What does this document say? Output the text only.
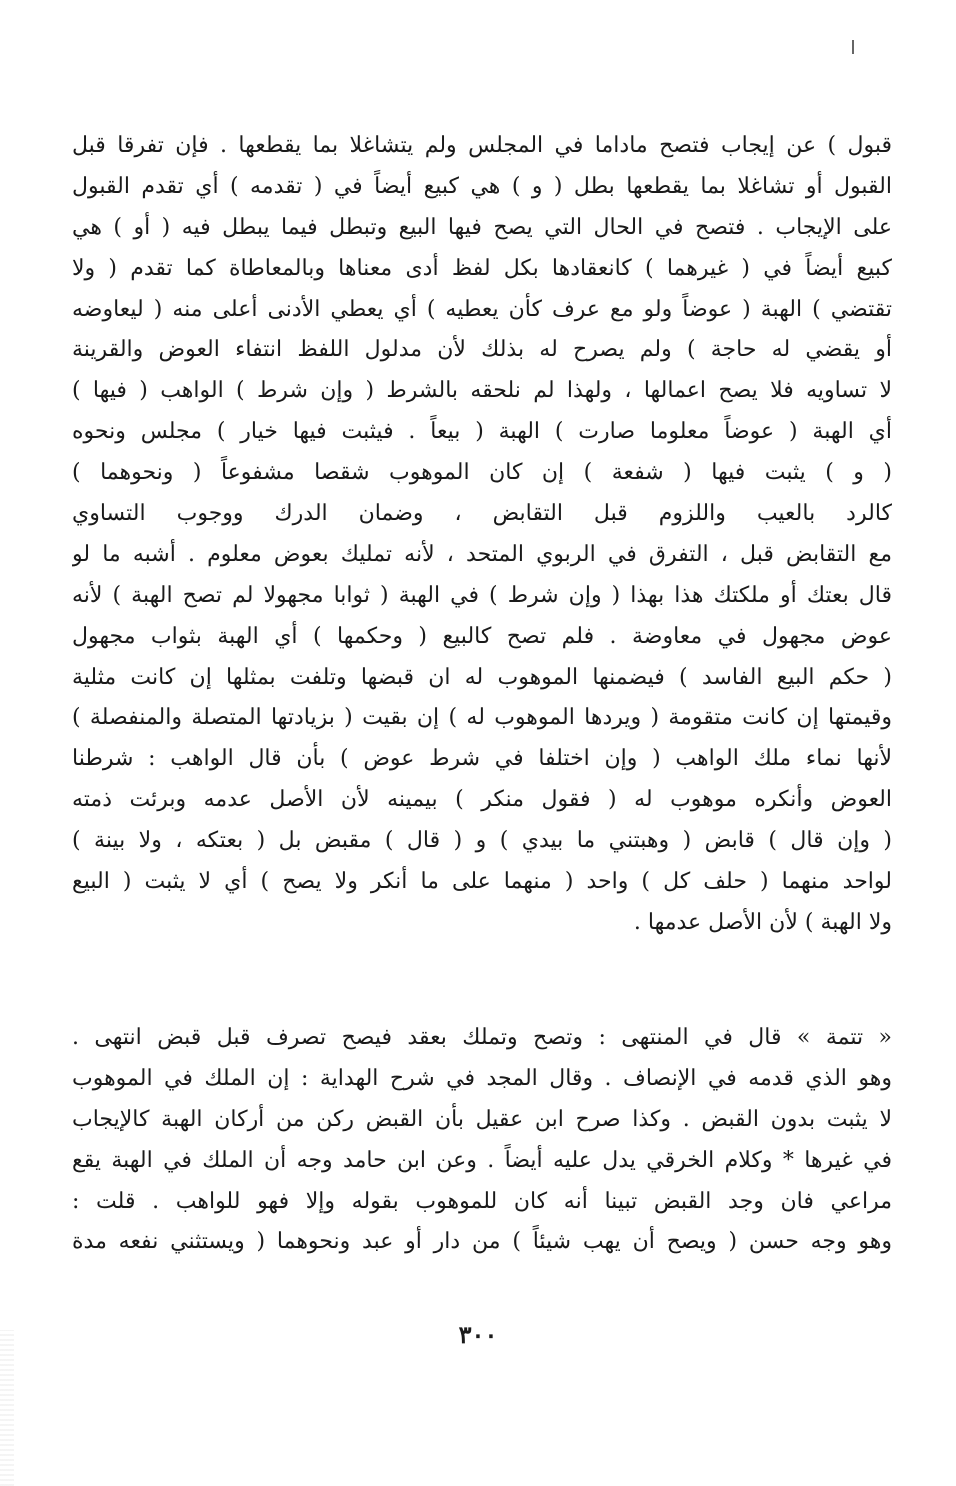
قبول ) عن إيجاب فتصح ماداما في المجلس ولم يتشاغلا بما يقطعها . فإن تفرقا قبل
القبول أو تشاغلا بما يقطعها بطل ( و ) هي كبيع أيضاً في ( تقدمه ) أي تقدم القبول
على الإيجاب . فتصح في الحال التي يصح فيها البيع وتبطل فيما يبطل فيه ( أو ) هي
كبيع أيضاً في ( غيرهما ) كانعقادها بكل لفظ أدى معناها وبالمعاطاة كما تقدم ( ولا
تقتضي ) الهبة ( عوضاً ولو مع عرف كأن يعطيه ) أي يعطي الأدنى أعلى منه ( ليعاوضه
أو يقضي له حاجة ) ولم يصرح له بذلك لأن مدلول اللفظ انتفاء العوض والقرينة
لا تساويه فلا يصح اعمالها ، ولهذا لم نلحقه بالشرط ( وإن شرط ) الواهب ( فيها )
أي الهبة ( عوضاً معلوما صارت ) الهبة ( بيعاً . فيثبت فيها خيار ) مجلس ونحوه
( و ) يثبت فيها ( شفعة ) إن كان الموهوب شقصا مشفوعاً ( ونحوهما )
كالرد بالعيب واللزوم قبل التقابض ، وضمان الدرك ووجوب التساوي
مع التقابض قبل ، التفرق في الربوي المتحد ، لأنه تمليك بعوض معلوم . أشبه ما لو
قال بعتك أو ملكتك هذا بهذا ( وإن شرط ) في الهبة ( ثوابا مجهولا لم تصح الهبة ) لأنه
عوض مجهول في معاوضة . فلم تصح كالبيع ( وحكمها ) أي الهبة بثواب مجهول
( حكم البيع الفاسد ) فيضمنها الموهوب له ان قبضها وتلفت بمثلها إن كانت مثلية
وقيمتها إن كانت متقومة ( ويردها الموهوب له ) إن بقيت ( بزيادتها المتصلة والمنفصلة )
لأنها نماء ملك الواهب ( وإن اختلفا في شرط عوض ) بأن قال الواهب : شرطنا
العوض وأنكره موهوب له ( فقول منكر ) بيمينه لأن الأصل عدمه وبرئت ذمته
( وإن قال ) قابض ( وهبتني ما بيدي ) و ( قال ) مقبض بل ( بعتكه ، ولا بينة )
لواحد منهما ( حلف كل ) واحد ( منهما على ما أنكر ولا يصح ) أي لا يثبت ( البيع
ولا الهبة ) لأن الأصل عدمها .
« تتمة » قال في المنتهى : وتصح وتملك بعقد فيصح تصرف قبل قبض انتهى .
وهو الذي قدمه في الإنصاف . وقال المجد في شرح الهداية : إن الملك في الموهوب
لا يثبت بدون القبض . وكذا صرح ابن عقيل بأن القبض ركن من أركان الهبة كالإيجاب
في غيرها * وكلام الخرقي يدل عليه أيضاً . وعن ابن حامد وجه أن الملك في الهبة يقع
مراعي فان وجد القبض تبينا أنه كان للموهوب بقوله وإلا فهو للواهب . قلت :
وهو وجه حسن ( ويصح أن يهب شيئاً ) من دار أو عبد ونحوهما ( ويستثني نفعه مدة
٣٠٠
